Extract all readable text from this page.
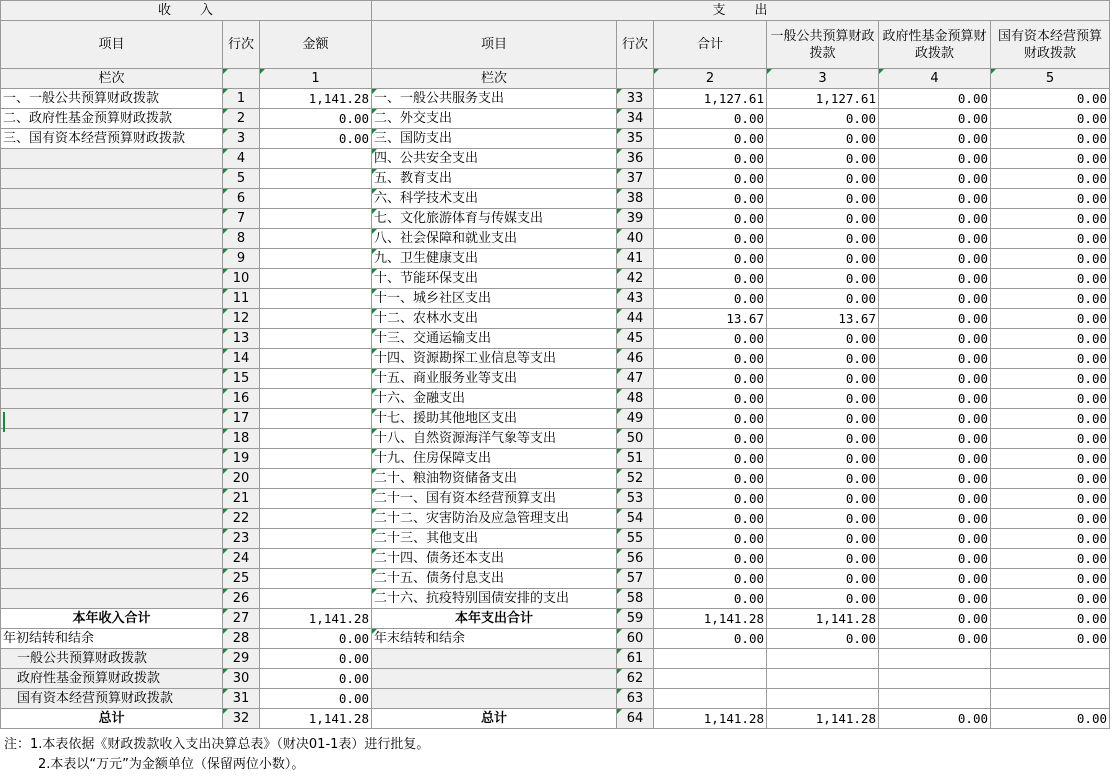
收　　入			支　　出					
项目	行次	金额	项目	行次	合计	一般公共预算财政拨款	政府性基金预算财政拨款	国有资本经营预算财政拨款
栏次		1	栏次		2	3	4	5
一、一般公共预算财政拨款	1	1,141.28	一、一般公共服务支出	33	1,127.61	1,127.61	0.00	0.00
二、政府性基金预算财政拨款	2	0.00	二、外交支出	34	0.00	0.00	0.00	0.00
三、国有资本经营预算财政拨款	3	0.00	三、国防支出	35	0.00	0.00	0.00	0.00
	4		四、公共安全支出	36	0.00	0.00	0.00	0.00
	5		五、教育支出	37	0.00	0.00	0.00	0.00
	6		六、科学技术支出	38	0.00	0.00	0.00	0.00
	7		七、文化旅游体育与传媒支出	39	0.00	0.00	0.00	0.00
	8		八、社会保障和就业支出	40	0.00	0.00	0.00	0.00
	9		九、卫生健康支出	41	0.00	0.00	0.00	0.00
	10		十、节能环保支出	42	0.00	0.00	0.00	0.00
	11		十一、城乡社区支出	43	0.00	0.00	0.00	0.00
	12		十二、农林水支出	44	13.67	13.67	0.00	0.00
	13		十三、交通运输支出	45	0.00	0.00	0.00	0.00
	14		十四、资源勘探工业信息等支出	46	0.00	0.00	0.00	0.00
	15		十五、商业服务业等支出	47	0.00	0.00	0.00	0.00
	16		十六、金融支出	48	0.00	0.00	0.00	0.00
	17		十七、援助其他地区支出	49	0.00	0.00	0.00	0.00
	18		十八、自然资源海洋气象等支出	50	0.00	0.00	0.00	0.00
	19		十九、住房保障支出	51	0.00	0.00	0.00	0.00
	20		二十、粮油物资储备支出	52	0.00	0.00	0.00	0.00
	21		二十一、国有资本经营预算支出	53	0.00	0.00	0.00	0.00
	22		二十二、灾害防治及应急管理支出	54	0.00	0.00	0.00	0.00
	23		二十三、其他支出	55	0.00	0.00	0.00	0.00
	24		二十四、债务还本支出	56	0.00	0.00	0.00	0.00
	25		二十五、债务付息支出	57	0.00	0.00	0.00	0.00
	26		二十六、抗疫特别国债安排的支出	58	0.00	0.00	0.00	0.00
本年收入合计	27	1,141.28	本年支出合计	59	1,141.28	1,141.28	0.00	0.00
年初结转和结余	28	0.00	年末结转和结余	60	0.00	0.00	0.00	0.00
一般公共预算财政拨款	29	0.00		61				
政府性基金预算财政拨款	30	0.00		62				
国有资本经营预算财政拨款	31	0.00		63				
总计	32	1,141.28	总计	64	1,141.28	1,141.28	0.00	0.00
注：1.本表依据《财政拨款收入支出决算总表》（财决01-1表）进行批复。
2.本表以“万元”为金额单位（保留两位小数）。
